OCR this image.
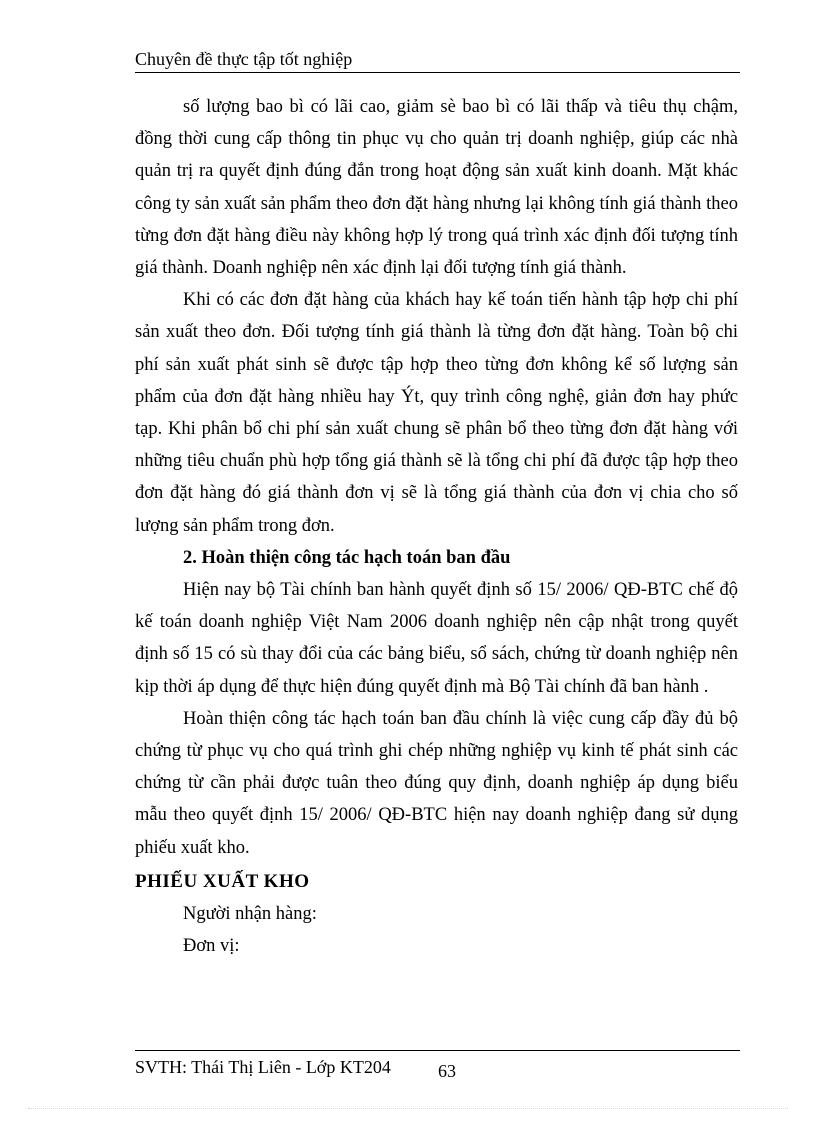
Chuyên đề thực tập tốt nghiệp

số lượng bao bì có lãi cao, giảm sè bao bì có lãi thấp và tiêu thụ chậm, đồng thời cung cấp thông tin phục vụ cho quản trị doanh nghiệp, giúp các nhà quản trị ra quyết định đúng đắn trong hoạt động sản xuất kinh doanh. Mặt khác công ty sản xuất sản phẩm theo đơn đặt hàng nhưng lại không tính giá thành theo từng đơn đặt hàng điều này không hợp lý trong quá trình xác định đối tượng tính giá thành. Doanh nghiệp nên xác định lại đối tượng tính giá thành.

Khi có các đơn đặt hàng của khách hay kế toán tiến hành tập hợp chi phí sản xuất theo đơn. Đối tượng tính giá thành là từng đơn đặt hàng. Toàn bộ chi phí sản xuất phát sinh sẽ được tập hợp theo từng đơn không kể số lượng sản phẩm của đơn đặt hàng nhiều hay Ýt, quy trình công nghệ, giản đơn hay phức tạp. Khi phân bổ chi phí sản xuất chung sẽ phân bổ theo từng đơn đặt hàng với những tiêu chuẩn phù hợp tổng giá thành sẽ là tổng chi phí đã được tập hợp theo đơn đặt hàng đó giá thành đơn vị sẽ là tổng giá thành của đơn vị chia cho số lượng sản phẩm trong đơn.

2. Hoàn thiện công tác hạch toán ban đầu

Hiện nay bộ Tài chính ban hành quyết định số 15/ 2006/ QĐ-BTC chế độ kế toán doanh nghiệp Việt Nam 2006 doanh nghiệp nên cập nhật trong quyết định số 15 có sù thay đổi của các bảng biểu, sổ sách, chứng từ doanh nghiệp nên kịp thời áp dụng để thực hiện đúng quyết định mà Bộ Tài chính đã ban hành .

Hoàn thiện công tác hạch toán ban đầu chính là việc cung cấp đầy đủ bộ chứng từ phục vụ cho quá trình ghi chép những nghiệp vụ kinh tế phát sinh các chứng từ cần phải được tuân theo đúng quy định, doanh nghiệp áp dụng biểu mẫu theo quyết định 15/ 2006/ QĐ-BTC hiện nay doanh nghiệp đang sử dụng phiếu xuất kho.

PHIẾU XUẤT KHO

Người nhận hàng:

Đơn vị:

SVTH: Thái Thị Liên - Lớp KT204	63
